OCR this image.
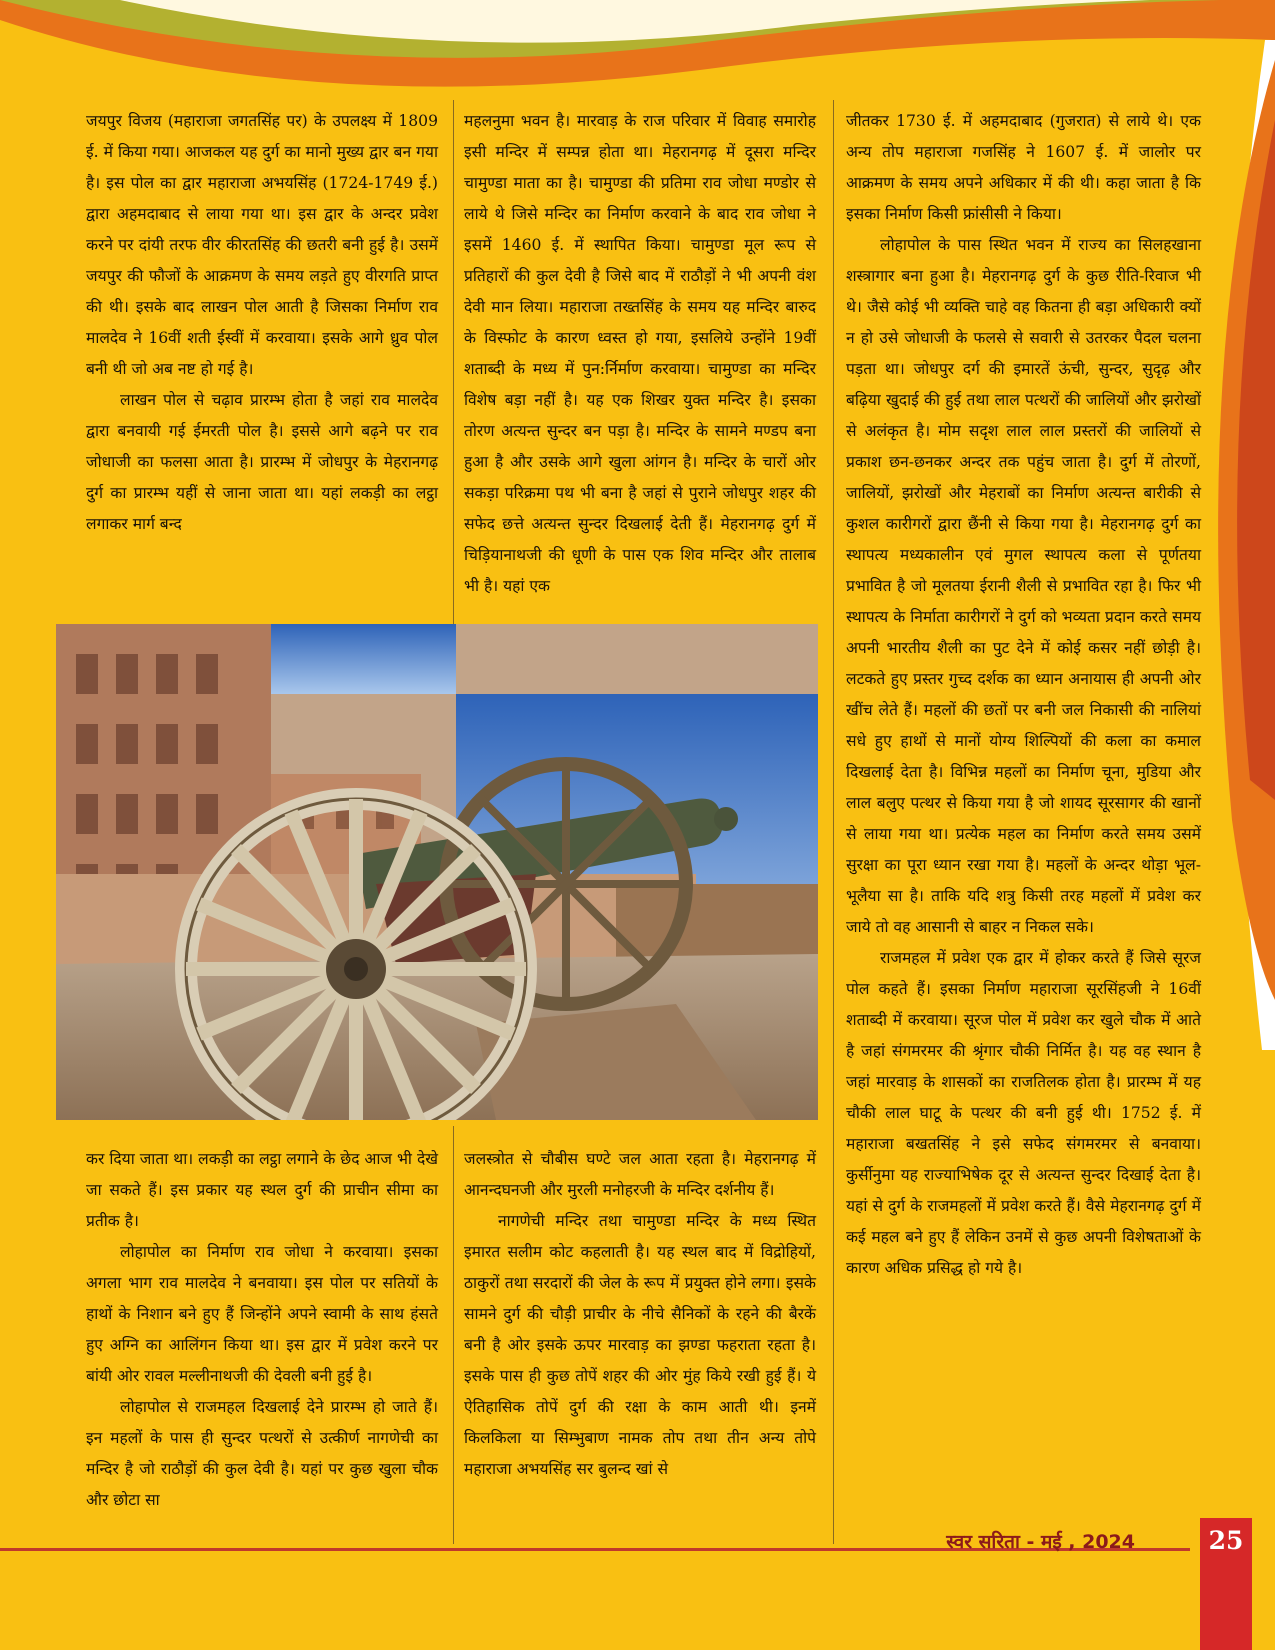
जयपुर विजय (महाराजा जगतसिंह पर) के उपलक्ष्य में 1809 ई. में किया गया। आजकल यह दुर्ग का मानो मुख्य द्वार बन गया है। इस पोल का द्वार महाराजा अभयसिंह (1724-1749 ई.) द्वारा अहमदाबाद से लाया गया था। इस द्वार के अन्दर प्रवेश करने पर दांयी तरफ वीर कीरतसिंह की छतरी बनी हुई है। उसमें जयपुर की फौजों के आक्रमण के समय लड़ते हुए वीरगति प्राप्त की थी। इसके बाद लाखन पोल आती है जिसका निर्माण राव मालदेव ने 16वीं शती ईस्वीं में करवाया। इसके आगे ध्रुव पोल बनी थी जो अब नष्ट हो गई है।

लाखन पोल से चढ़ाव प्रारम्भ होता है जहां राव मालदेव द्वारा बनवायी गई ईमरती पोल है। इससे आगे बढ़ने पर राव जोधाजी का फलसा आता है। प्रारम्भ में जोधपुर के मेहरानगढ़ दुर्ग का प्रारम्भ यहीं से जाना जाता था। यहां लकड़ी का लट्ठा लगाकर मार्ग बन्द

महलनुमा भवन है। मारवाड़ के राज परिवार में विवाह समारोह इसी मन्दिर में सम्पन्न होता था। मेहरानगढ़ में दूसरा मन्दिर चामुण्डा माता का है। चामुण्डा की प्रतिमा राव जोधा मण्डोर से लाये थे जिसे मन्दिर का निर्माण करवाने के बाद राव जोधा ने इसमें 1460 ई. में स्थापित किया। चामुण्डा मूल रूप से प्रतिहारों की कुल देवी है जिसे बाद में राठौड़ों ने भी अपनी वंश देवी मान लिया। महाराजा तख्तसिंह के समय यह मन्दिर बारुद के विस्फोट के कारण ध्वस्त हो गया, इसलिये उन्होंने 19वीं शताब्दी के मध्य में पुन:र्निर्माण करवाया। चामुण्डा का मन्दिर विशेष बड़ा नहीं है। यह एक शिखर युक्त मन्दिर है। इसका तोरण अत्यन्त सुन्दर बन पड़ा है। मन्दिर के सामने मण्डप बना हुआ है और उसके आगे खुला आंगन है। मन्दिर के चारों ओर सकड़ा परिक्रमा पथ भी बना है जहां से पुराने जोधपुर शहर की सफेद छत्ते अत्यन्त सुन्दर दिखलाई देती हैं। मेहरानगढ़ दुर्ग में चिड़ियानाथजी की धूणी के पास एक शिव मन्दिर और तालाब भी है। यहां एक

कर दिया जाता था। लकड़ी का लट्ठा लगाने के छेद आज भी देखे जा सकते हैं। इस प्रकार यह स्थल दुर्ग की प्राचीन सीमा का प्रतीक है।

लोहापोल का निर्माण राव जोधा ने करवाया। इसका अगला भाग राव मालदेव ने बनवाया। इस पोल पर सतियों के हाथों के निशान बने हुए हैं जिन्होंने अपने स्वामी के साथ हंसते हुए अग्नि का आलिंगन किया था। इस द्वार में प्रवेश करने पर बांयी ओर रावल मल्लीनाथजी की देवली बनी हुई है।

लोहापोल से राजमहल दिखलाई देने प्रारम्भ हो जाते हैं। इन महलों के पास ही सुन्दर पत्थरों से उत्कीर्ण नागणेची का मन्दिर है जो राठौड़ों की कुल देवी है। यहां पर कुछ खुला चौक और छोटा सा

जलस्त्रोत से चौबीस घण्टे जल आता रहता है। मेहरानगढ़ में आनन्दघनजी और मुरली मनोहरजी के मन्दिर दर्शनीय हैं।

नागणेची मन्दिर तथा चामुण्डा मन्दिर के मध्य स्थित इमारत सलीम कोट कहलाती है। यह स्थल बाद में विद्रोहियों, ठाकुरों तथा सरदारों की जेल के रूप में प्रयुक्त होने लगा। इसके सामने दुर्ग की चौड़ी प्राचीर के नीचे सैनिकों के रहने की बैरकें बनी है ओर इसके ऊपर मारवाड़ का झण्डा फहराता रहता है। इसके पास ही कुछ तोपें शहर की ओर मुंह किये रखी हुई हैं। ये ऐतिहासिक तोपें दुर्ग की रक्षा के काम आती थी। इनमें किलकिला या सिम्भुबाण नामक तोप तथा तीन अन्य तोपे महाराजा अभयसिंह सर बुलन्द खां से

जीतकर 1730 ई. में अहमदाबाद (गुजरात) से लाये थे। एक अन्य तोप महाराजा गजसिंह ने 1607 ई. में जालोर पर आक्रमण के समय अपने अधिकार में की थी। कहा जाता है कि इसका निर्माण किसी फ्रांसीसी ने किया।

लोहापोल के पास स्थित भवन में राज्य का सिलहखाना शस्त्रागार बना हुआ है। मेहरानगढ़ दुर्ग के कुछ रीति-रिवाज भी थे। जैसे कोई भी व्यक्ति चाहे वह कितना ही बड़ा अधिकारी क्यों न हो उसे जोधाजी के फलसे से सवारी से उतरकर पैदल चलना पड़ता था। जोधपुर दर्ग की इमारतें ऊंची, सुन्दर, सुदृढ़ और बढ़िया खुदाई की हुई तथा लाल पत्थरों की जालियों और झरोखों से अलंकृत है। मोम सदृश लाल लाल प्रस्तरों की जालियों से प्रकाश छन-छनकर अन्दर तक पहुंच जाता है। दुर्ग में तोरणों, जालियों, झरोखों और मेहराबों का निर्माण अत्यन्त बारीकी से कुशल कारीगरों द्वारा छैंनी से किया गया है। मेहरानगढ़ दुर्ग का स्थापत्य मध्यकालीन एवं मुगल स्थापत्य कला से पूर्णतया प्रभावित है जो मूलतया ईरानी शैली से प्रभावित रहा है। फिर भी स्थापत्य के निर्माता कारीगरों ने दुर्ग को भव्यता प्रदान करते समय अपनी भारतीय शैली का पुट देने में कोई कसर नहीं छोड़ी है। लटकते हुए प्रस्तर गुच्द दर्शक का ध्यान अनायास ही अपनी ओर खींच लेते हैं। महलों की छतों पर बनी जल निकासी की नालियां सधे हुए हाथों से मानों योग्य शिल्पियों की कला का कमाल दिखलाई देता है। विभिन्न महलों का निर्माण चूना, मुडिया और लाल बलुए पत्थर से किया गया है जो शायद सूरसागर की खानों से लाया गया था। प्रत्येक महल का निर्माण करते समय उसमें सुरक्षा का पूरा ध्यान रखा गया है। महलों के अन्दर थोड़ा भूल-भूलैया सा है। ताकि यदि शत्रु किसी तरह महलों में प्रवेश कर जाये तो वह आसानी से बाहर न निकल सके।

राजमहल में प्रवेश एक द्वार में होकर करते हैं जिसे सूरज पोल कहते हैं। इसका निर्माण महाराजा सूरसिंहजी ने 16वीं शताब्दी में करवाया। सूरज पोल में प्रवेश कर खुले चौक में आते है जहां संगमरमर की श्रृंगार चौकी निर्मित है। यह वह स्थान है जहां मारवाड़ के शासकों का राजतिलक होता है। प्रारम्भ में यह चौकी लाल घाटू के पत्थर की बनी हुई थी। 1752 ई. में महाराजा बखतसिंह ने इसे सफेद संगमरमर से बनवाया। कुर्सीनुमा यह राज्याभिषेक दूर से अत्यन्त सुन्दर दिखाई देता है। यहां से दुर्ग के राजमहलों में प्रवेश करते हैं। वैसे मेहरानगढ़ दुर्ग में कई महल बने हुए हैं लेकिन उनमें से कुछ अपनी विशेषताओं के कारण अधिक प्रसिद्ध हो गये है।

स्वर सरिता - मई , 2024	25
